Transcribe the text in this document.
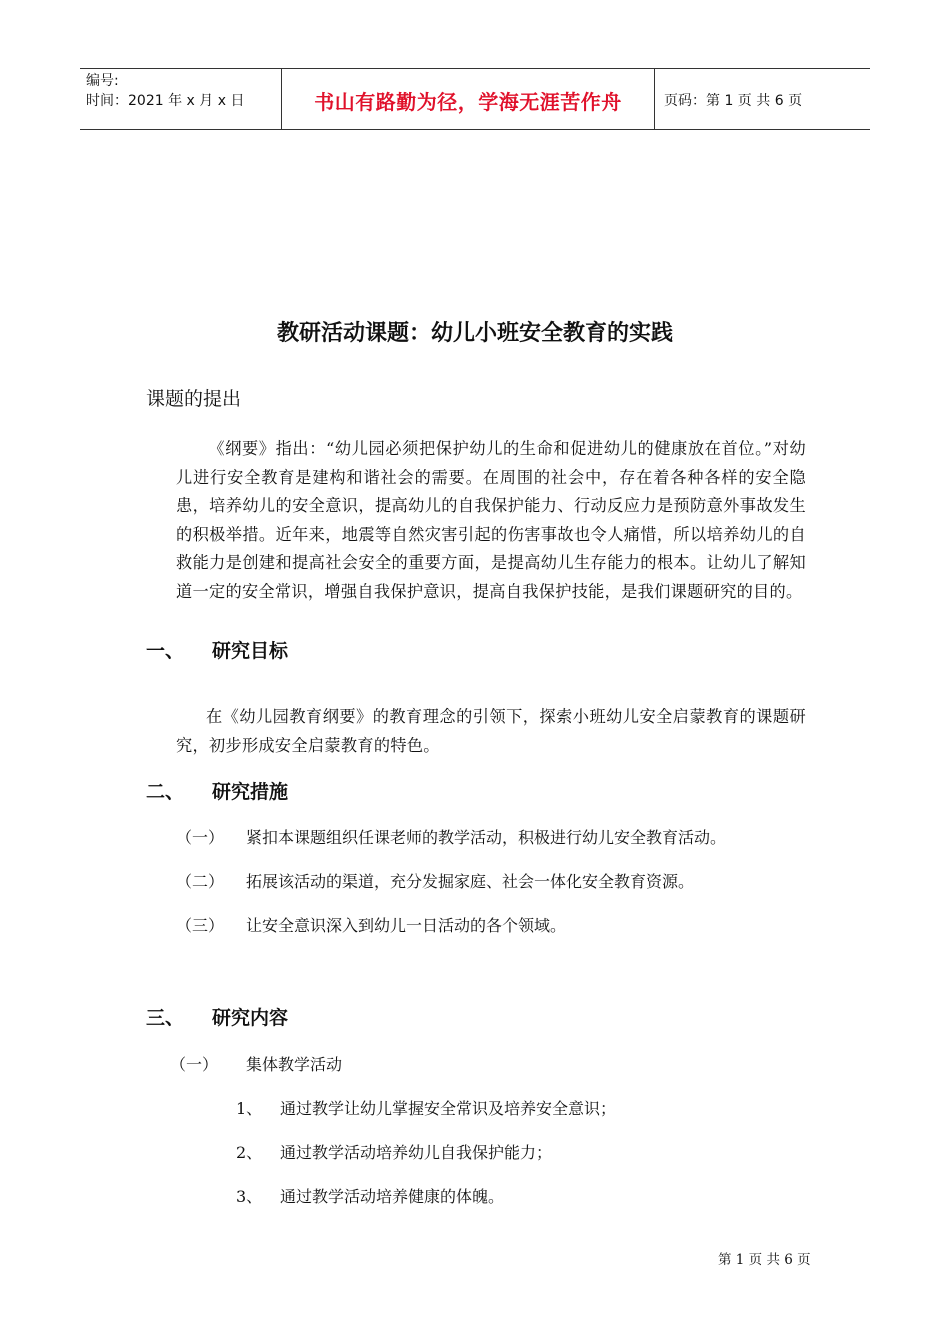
编号:
时间：2021 年 x 月 x 日	书山有路勤为径，学海无涯苦作舟	页码：第 1 页 共 6 页
教研活动课题：幼儿小班安全教育的实践
课题的提出
《纲要》指出：“幼儿园必须把保护幼儿的生命和促进幼儿的健康放在首位。”对幼儿进行安全教育是建构和谐社会的需要。在周围的社会中，存在着各种各样的安全隐患，培养幼儿的安全意识，提高幼儿的自我保护能力、行动反应力是预防意外事故发生的积极举措。近年来，地震等自然灾害引起的伤害事故也令人痛惜，所以培养幼儿的自救能力是创建和提高社会安全的重要方面，是提高幼儿生存能力的根本。让幼儿了解知道一定的安全常识，增强自我保护意识，提高自我保护技能，是我们课题研究的目的。
一、 研究目标
在《幼儿园教育纲要》的教育理念的引领下，探索小班幼儿安全启蒙教育的课题研究，初步形成安全启蒙教育的特色。
二、 研究措施
（一） 紧扣本课题组织任课老师的教学活动，积极进行幼儿安全教育活动。
（二） 拓展该活动的渠道，充分发掘家庭、社会一体化安全教育资源。
（三） 让安全意识深入到幼儿一日活动的各个领域。
三、 研究内容
（一） 集体教学活动
1、 通过教学让幼儿掌握安全常识及培养安全意识；
2、 通过教学活动培养幼儿自我保护能力；
3、 通过教学活动培养健康的体魄。
第 1 页 共 6 页
